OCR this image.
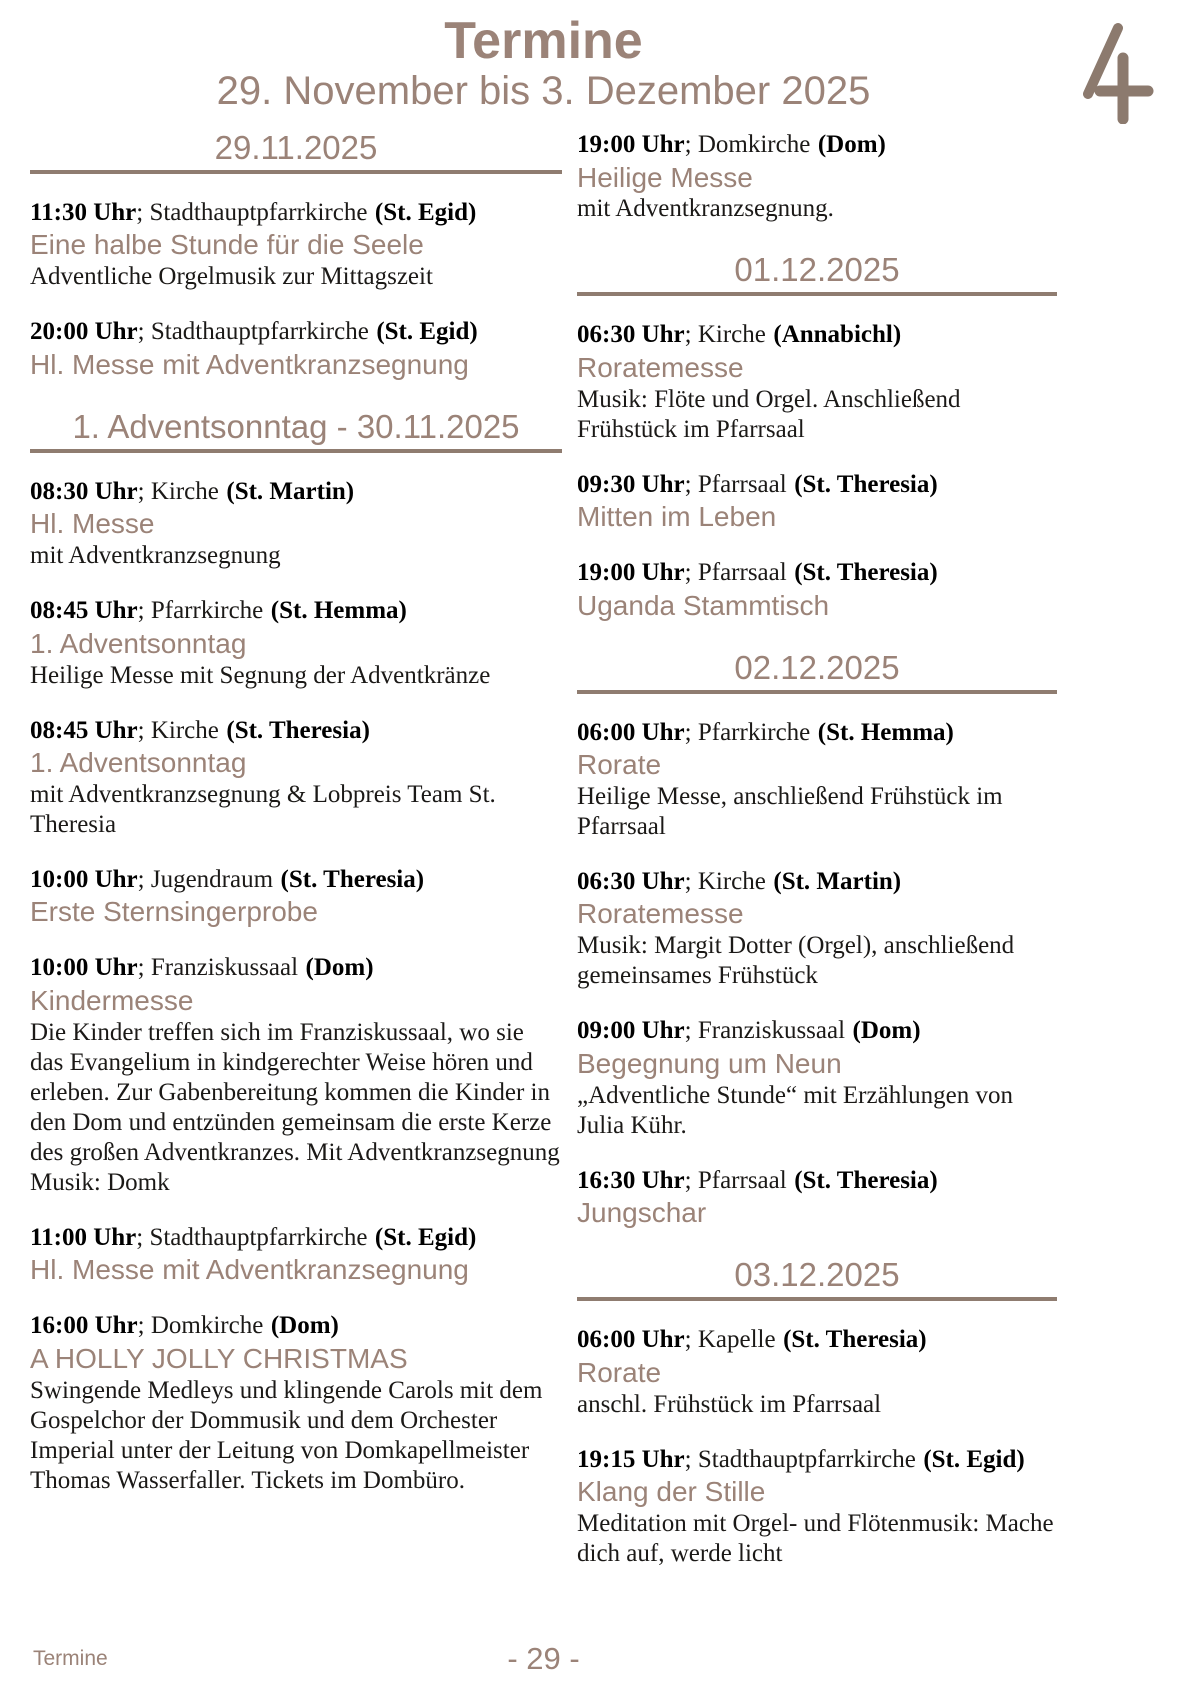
Termine
29. November bis 3. Dezember 2025
29.11.2025
11:30 Uhr; Stadthauptpfarrkirche (St. Egid)
Eine halbe Stunde für die Seele
Adventliche Orgelmusik zur Mittagszeit
20:00 Uhr; Stadthauptpfarrkirche (St. Egid)
Hl. Messe mit Adventkranzsegnung
1. Adventsonntag - 30.11.2025
08:30 Uhr; Kirche (St. Martin)
Hl. Messe
mit Adventkranzsegnung
08:45 Uhr; Pfarrkirche (St. Hemma)
1. Adventsonntag
Heilige Messe mit Segnung der Adventkränze
08:45 Uhr; Kirche (St. Theresia)
1. Adventsonntag
mit Adventkranzsegnung & Lobpreis Team St. Theresia
10:00 Uhr; Jugendraum (St. Theresia)
Erste Sternsingerprobe
10:00 Uhr; Franziskussaal (Dom)
Kindermesse
Die Kinder treffen sich im Franziskussaal, wo sie das Evangelium in kindgerechter Weise hören und erleben. Zur Gabenbereitung kommen die Kinder in den Dom und entzünden gemeinsam die erste Kerze des großen Adventkranzes. Mit Adventkranzsegnung Musik: Domk
11:00 Uhr; Stadthauptpfarrkirche (St. Egid)
Hl. Messe mit Adventkranzsegnung
16:00 Uhr; Domkirche (Dom)
A HOLLY JOLLY CHRISTMAS
Swingende Medleys und klingende Carols mit dem Gospelchor der Dommusik und dem Orchester Imperial unter der Leitung von Domkapellmeister Thomas Wasserfaller. Tickets im Dombüro.
19:00 Uhr; Domkirche (Dom)
Heilige Messe
mit Adventkranzsegnung.
01.12.2025
06:30 Uhr; Kirche (Annabichl)
Roratemesse
Musik: Flöte und Orgel. Anschließend Frühstück im Pfarrsaal
09:30 Uhr; Pfarrsaal (St. Theresia)
Mitten im Leben
19:00 Uhr; Pfarrsaal (St. Theresia)
Uganda Stammtisch
02.12.2025
06:00 Uhr; Pfarrkirche (St. Hemma)
Rorate
Heilige Messe, anschließend Frühstück im Pfarrsaal
06:30 Uhr; Kirche (St. Martin)
Roratemesse
Musik: Margit Dotter (Orgel), anschließend gemeinsames Frühstück
09:00 Uhr; Franziskussaal (Dom)
Begegnung um Neun
„Adventliche Stunde“ mit Erzählungen von Julia Kühr.
16:30 Uhr; Pfarrsaal (St. Theresia)
Jungschar
03.12.2025
06:00 Uhr; Kapelle (St. Theresia)
Rorate
anschl. Frühstück im Pfarrsaal
19:15 Uhr; Stadthauptpfarrkirche (St. Egid)
Klang der Stille
Meditation mit Orgel- und Flötenmusik: Mache dich auf, werde licht
Termine	- 29 -
